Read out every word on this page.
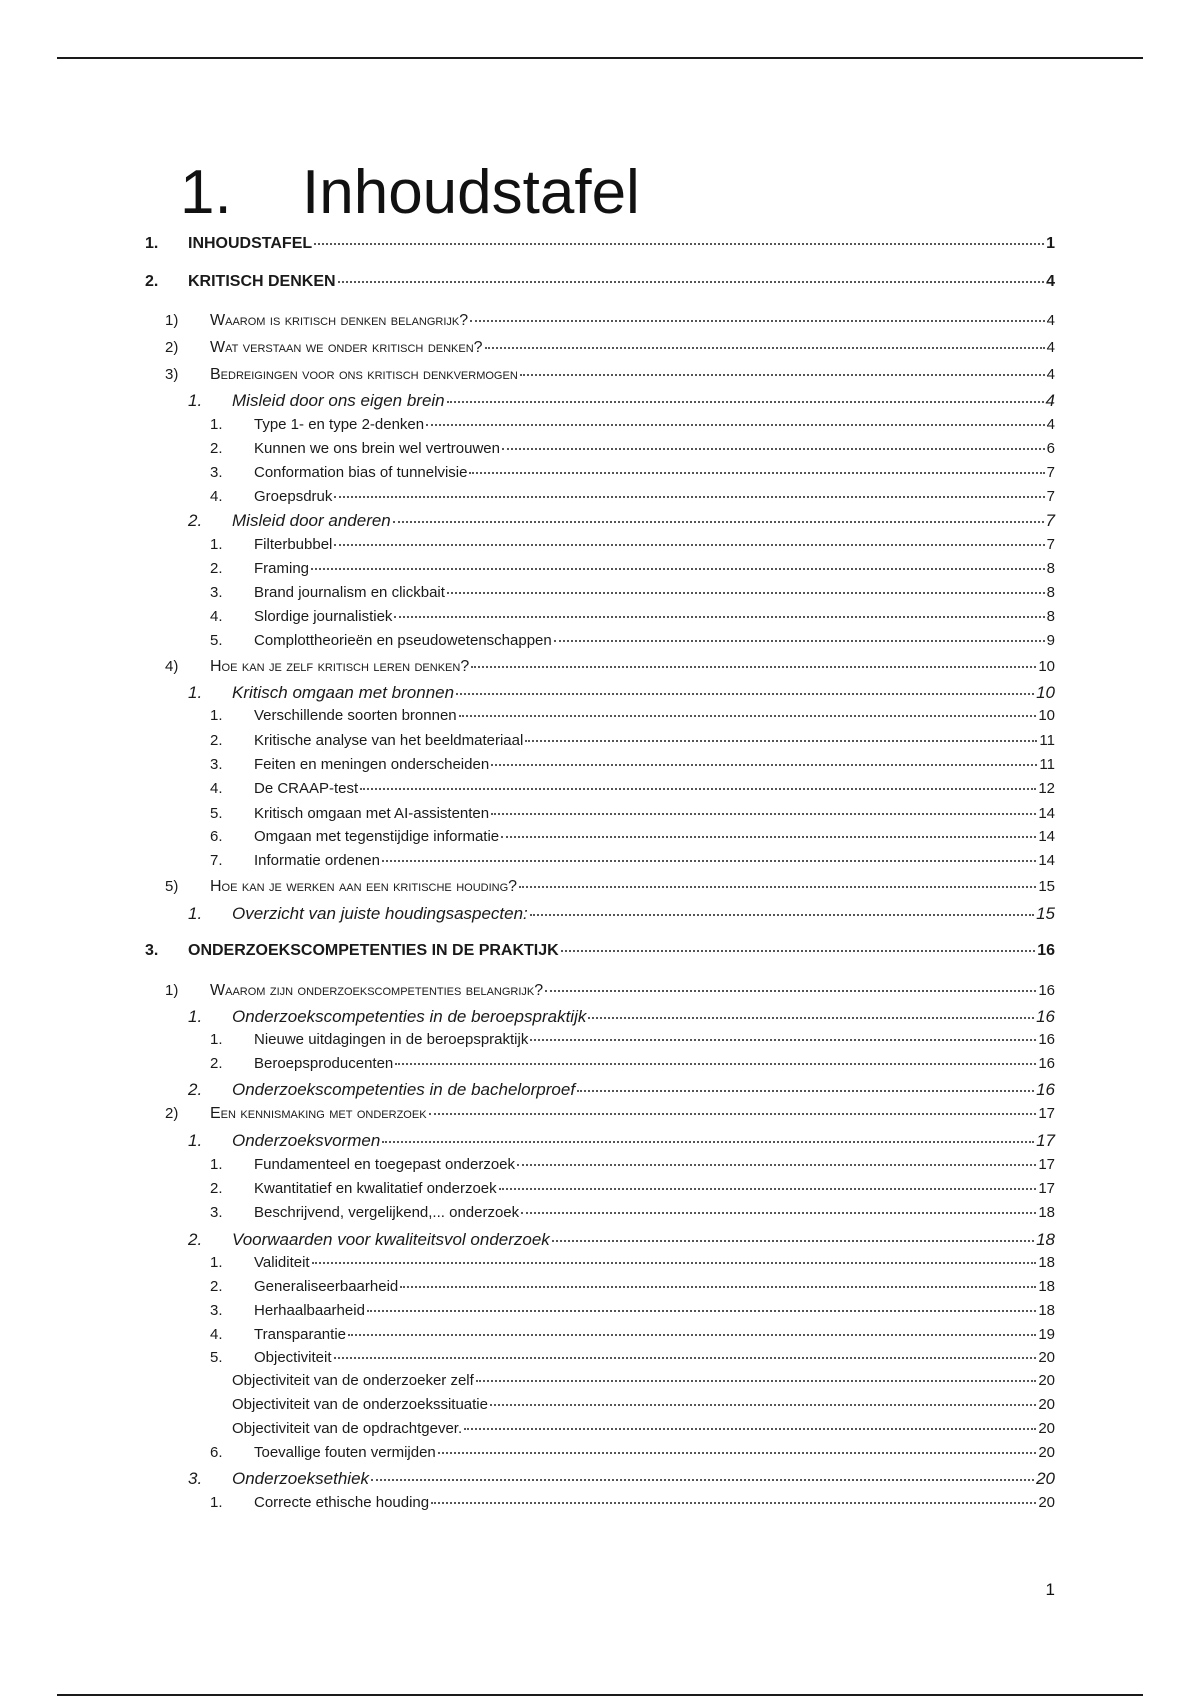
1.	Inhoudstafel
1.	INHOUDSTAFEL	1
2.	KRITISCH DENKEN	4
1)	Waarom is kritisch denken belangrijk?	4
2)	Wat verstaan we onder kritisch denken?	4
3)	Bedreigingen voor ons kritisch denkvermogen	4
1.	Misleid door ons eigen brein	4
1.	Type 1- en type 2-denken	4
2.	Kunnen we ons brein wel vertrouwen	6
3.	Conformation bias of tunnelvisie	7
4.	Groepsdruk	7
2.	Misleid door anderen	7
1.	Filterbubbel	7
2.	Framing	8
3.	Brand journalism en clickbait	8
4.	Slordige journalistiek	8
5.	Complottheorieën en pseudowetenschappen	9
4)	Hoe kan je zelf kritisch leren denken?	10
1.	Kritisch omgaan met bronnen	10
1.	Verschillende soorten bronnen	10
2.	Kritische analyse van het beeldmateriaal	11
3.	Feiten en meningen onderscheiden	11
4.	De CRAAP-test	12
5.	Kritisch omgaan met AI-assistenten	14
6.	Omgaan met tegenstijdige informatie	14
7.	Informatie ordenen	14
5)	Hoe kan je werken aan een kritische houding?	15
1.	Overzicht van juiste houdingsaspecten:	15
3.	ONDERZOEKSCOMPETENTIES IN DE PRAKTIJK	16
1)	Waarom zijn onderzoekscompetenties belangrijk?	16
1.	Onderzoekscompetenties in de beroepspraktijk	16
1.	Nieuwe uitdagingen in de beroepspraktijk	16
2.	Beroepsproducenten	16
2.	Onderzoekscompetenties in de bachelorproef	16
2)	Een kennismaking met onderzoek	17
1.	Onderzoeksvormen	17
1.	Fundamenteel en toegepast onderzoek	17
2.	Kwantitatief en kwalitatief onderzoek	17
3.	Beschrijvend, vergelijkend,... onderzoek	18
2.	Voorwaarden voor kwaliteitsvol onderzoek	18
1.	Validiteit	18
2.	Generaliseerbaarheid	18
3.	Herhaalbaarheid	18
4.	Transparantie	19
5.	Objectiviteit	20
Objectiviteit van de onderzoeker zelf	20
Objectiviteit van de onderzoekssituatie	20
Objectiviteit van de opdrachtgever.	20
6.	Toevallige fouten vermijden	20
3.	Onderzoeksethiek	20
1.	Correcte ethische houding	20
1
